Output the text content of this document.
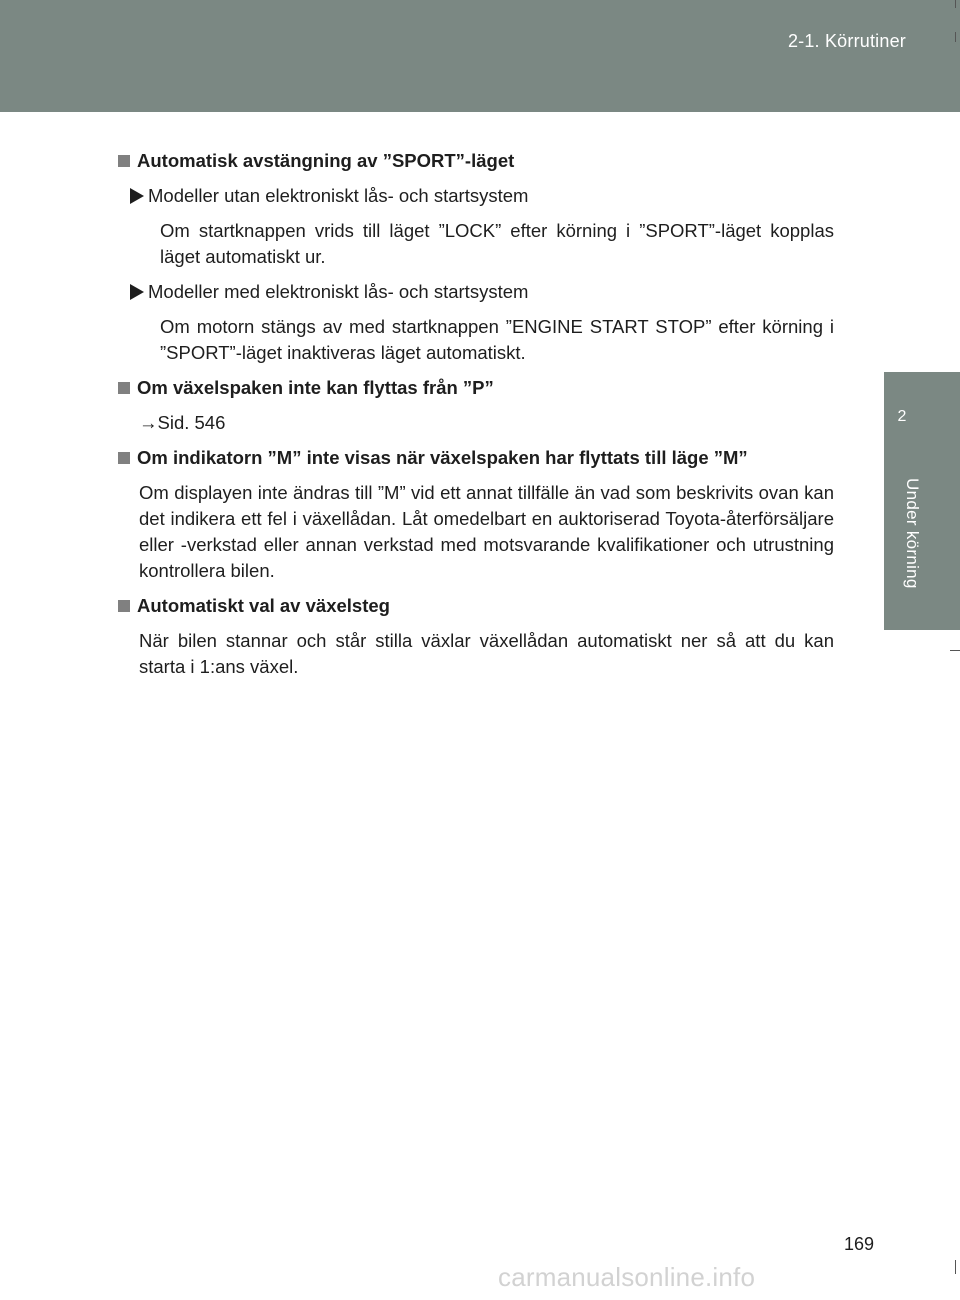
2-1. Körrutiner
2
Under körning
Automatisk avstängning av ”SPORT”-läget
Modeller utan elektroniskt lås- och startsystem

Om startknappen vrids till läget ”LOCK” efter körning i ”SPORT”-läget kopplas läget automatiskt ur.

Modeller med elektroniskt lås- och startsystem

Om motorn stängs av med startknappen ”ENGINE START STOP” efter körning i ”SPORT”-läget inaktiveras läget automatiskt.

Om växelspaken inte kan flyttas från ”P”

→Sid. 546

Om indikatorn ”M” inte visas när växelspaken har flyttats till läge ”M”

Om displayen inte ändras till ”M” vid ett annat tillfälle än vad som beskrivits ovan kan det indikera ett fel i växellådan. Låt omedelbart en auktoriserad Toyota-återförsäljare eller -verkstad eller annan verkstad med motsvarande kvalifikationer och utrustning kontrollera bilen.

Automatiskt val av växelsteg

När bilen stannar och står stilla växlar växellådan automatiskt ner så att du kan starta i 1:ans växel.

169
carmanualsonline.info
